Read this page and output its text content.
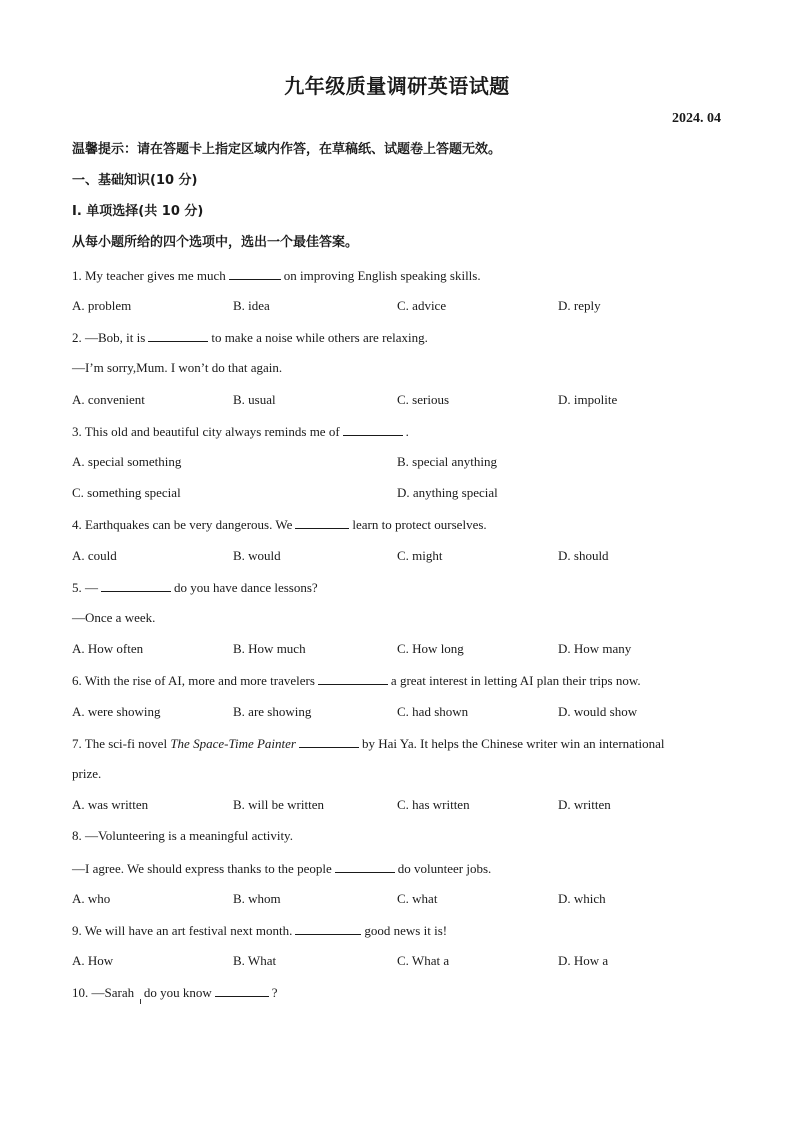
九年级质量调研英语试题
2024. 04
温馨提示：请在答题卡上指定区域内作答，在草稿纸、试题卷上答题无效。
一、基础知识(10 分)
I. 单项选择(共 10 分)
从每小题所给的四个选项中，选出一个最佳答案。
1. My teacher gives me much	on improving English speaking skills.
A. problem	B. idea	C. advice	D. reply
2. —Bob, it is	to make a noise while others are relaxing.
—I’m sorry,Mum. I won’t do that again.
A. convenient	B. usual	C. serious	D. impolite
3. This old and beautiful city always reminds me of	.
A. special something	B. special anything
C. something special	D. anything special
4. Earthquakes can be very dangerous. We	learn to protect ourselves.
A. could	B. would	C. might	D. should
5. —	do you have dance lessons?
—Once a week.
A. How often	B. How much	C. How long	D. How many
6. With the rise of AI, more and more travelers	a great interest in letting AI plan their trips now.
A. were showing	B. are showing	C. had shown	D. would show
7. The sci-fi novel The Space-Time Painter	by Hai Ya. It helps the Chinese writer win an international
prize.
A. was written	B. will be written	C. has written	D. written
8. —Volunteering is a meaningful activity.
—I agree. We should express thanks to the people	do volunteer jobs.
A. who	B. whom	C. what	D. which
9. We will have an art festival next month.	good news it is!
A. How	B. What	C. What a	D. How a
10. —Sarah do you know	?
